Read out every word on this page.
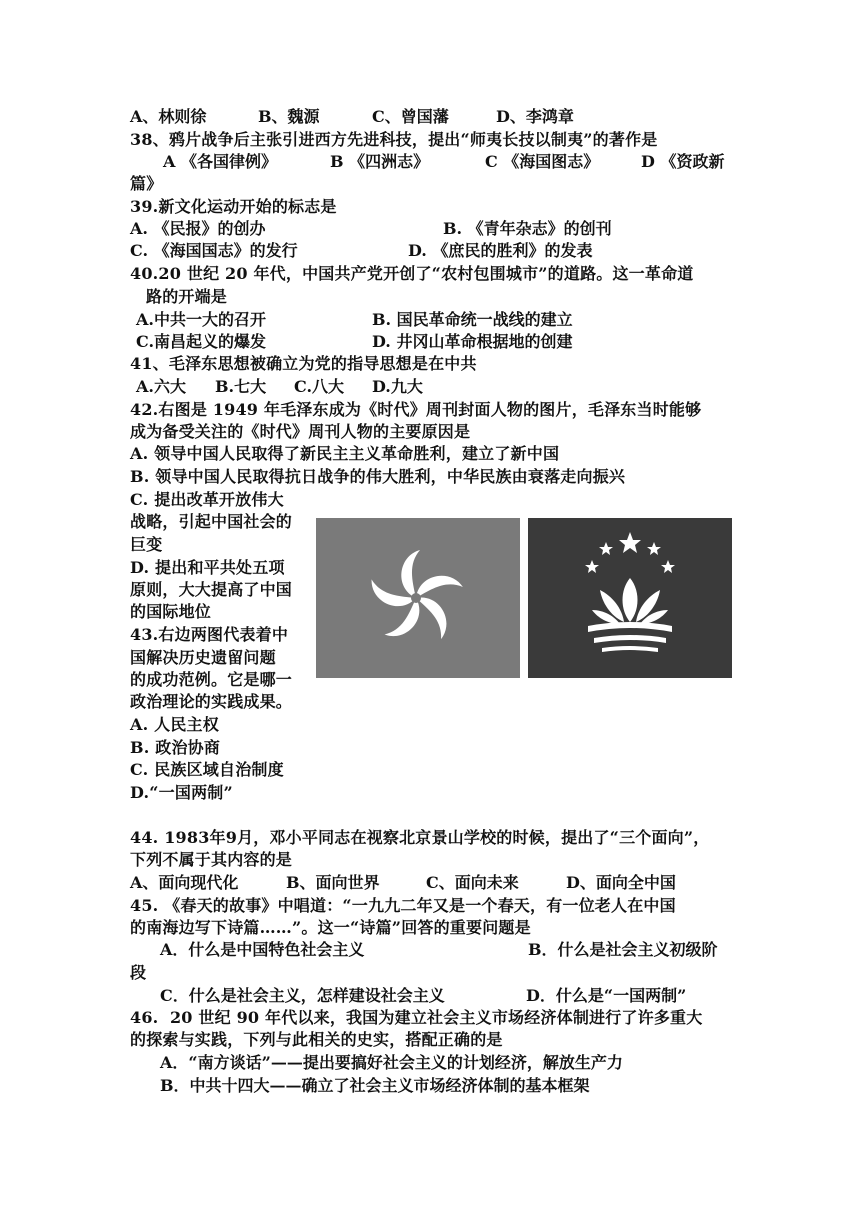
A、林则徐	B、魏源	C、曾国藩	D、李鸿章
38、鸦片战争后主张引进西方先进科技，提出“师夷长技以制夷”的著作是
A 《各国律例》	B 《四洲志》	C 《海国图志》	D 《资政新
篇》
39.新文化运动开始的标志是
A. 《民报》的创办	B. 《青年杂志》的创刊
C. 《海国国志》的发行	D. 《庶民的胜利》的发表
40.20 世纪 20 年代，中国共产党开创了“农村包围城市”的道路。这一革命道
路的开端是
A.中共一大的召开	B. 国民革命统一战线的建立
C.南昌起义的爆发	D. 井冈山革命根据地的创建
41、毛泽东思想被确立为党的指导思想是在中共
A.六大 B.七大 C.八大 D.九大
42.右图是 1949 年毛泽东成为《时代》周刊封面人物的图片，毛泽东当时能够
成为备受关注的《时代》周刊人物的主要原因是
A. 领导中国人民取得了新民主主义革命胜利，建立了新中国
B. 领导中国人民取得抗日战争的伟大胜利，中华民族由衰落走向振兴
C. 提出改革开放伟大
战略，引起中国社会的
巨变
D. 提出和平共处五项
原则，大大提高了中国
的国际地位
43.右边两图代表着中
国解决历史遗留问题
的成功范例。它是哪一
政治理论的实践成果。
A. 人民主权
B. 政治协商
C. 民族区域自治制度
D.“一国两制”
44. 1983年9月，邓小平同志在视察北京景山学校的时候，提出了“三个面向”，
下列不属于其内容的是
A、面向现代化	B、面向世界	C、面向未来	D、面向全中国
45. 《春天的故事》中唱道：“一九九二年又是一个春天，有一位老人在中国
的南海边写下诗篇……”。这一“诗篇”回答的重要问题是
A．什么是中国特色社会主义	B．什么是社会主义初级阶
段
C．什么是社会主义，怎样建设社会主义	D．什么是“一国两制”
46.  20 世纪 90 年代以来，我国为建立社会主义市场经济体制进行了许多重大
的探索与实践，下列与此相关的史实，搭配正确的是
A．“南方谈话”——提出要搞好社会主义的计划经济，解放生产力
B．中共十四大——确立了社会主义市场经济体制的基本框架
